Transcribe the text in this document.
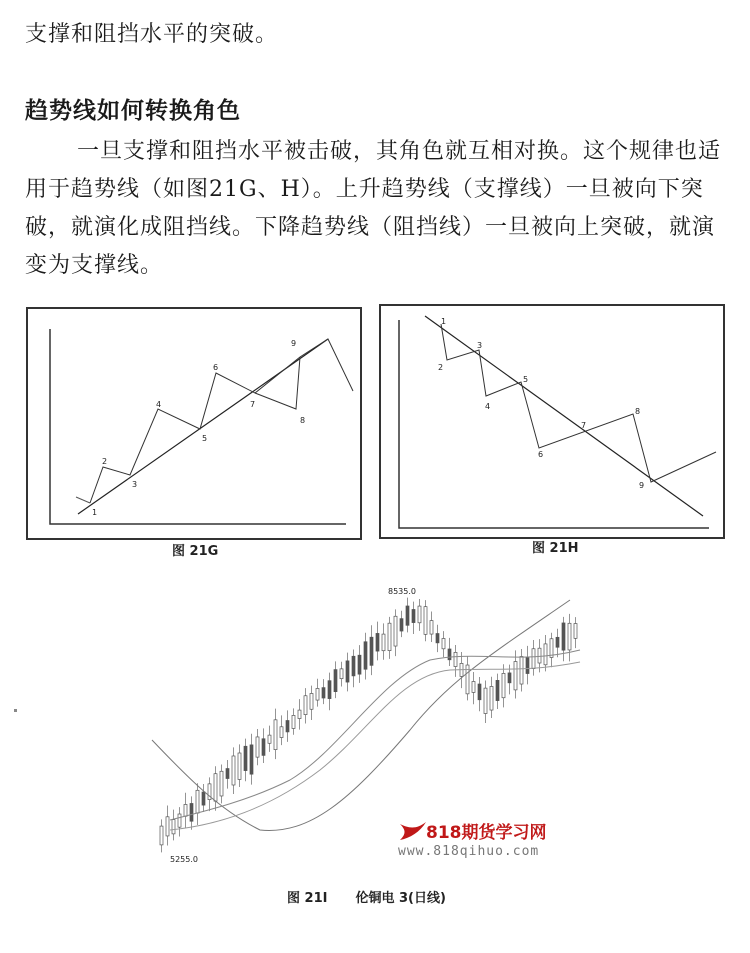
支撑和阻挡水平的突破。

趋势线如何转换角色

一旦支撑和阻挡水平被击破，其角色就互相对换。这个规律也适用于趋势线（如图21G、H）。上升趋势线（支撑线）一旦被向下突破，就演化成阻挡线。下降趋势线（阻挡线）一旦被向上突破，就演变为支撑线。

1
2
3
4
5
6
7
8
9

图 21G

1
2
3
4
5
6
7
8
9

图 21H

8535.0
5255.0
818期货学习网
www.818qihuo.com

图 21I 伦铜电 3(日线)
